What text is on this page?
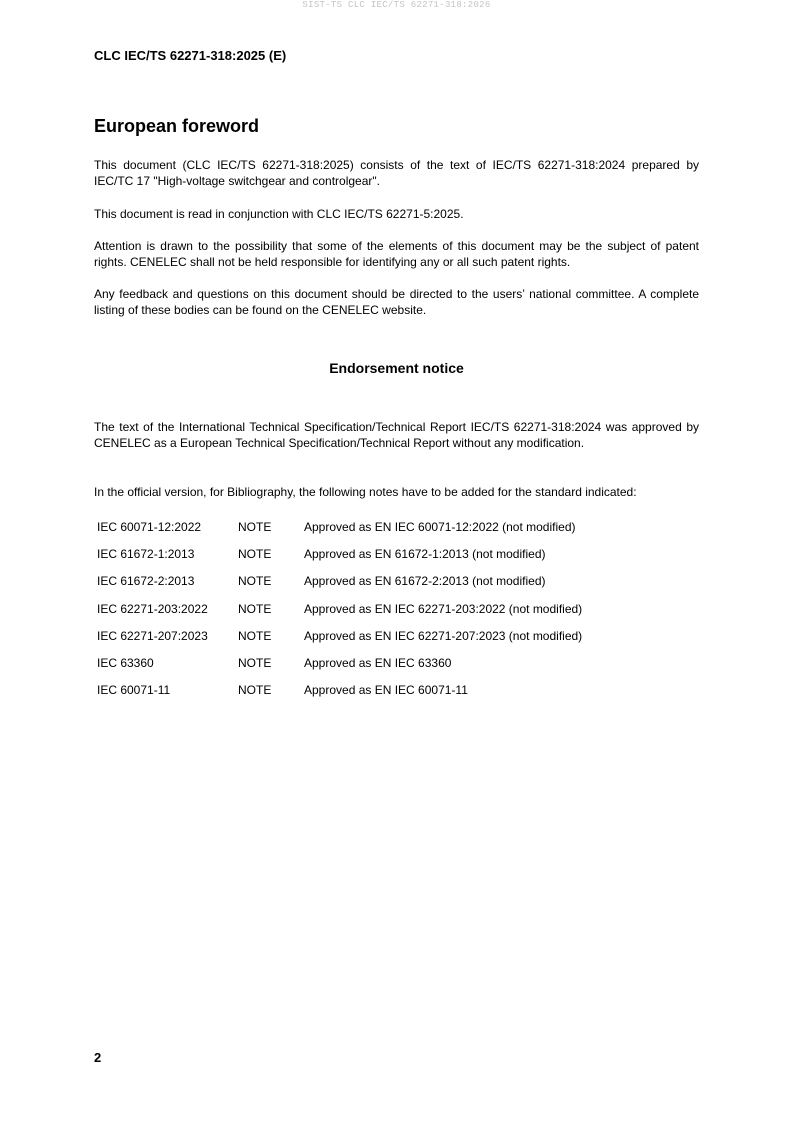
SIST-TS CLC IEC/TS 62271-318:2026
CLC IEC/TS 62271-318:2025 (E)
European foreword
This document (CLC IEC/TS 62271-318:2025) consists of the text of IEC/TS 62271-318:2024 prepared by IEC/TC 17 "High-voltage switchgear and controlgear".
This document is read in conjunction with CLC IEC/TS 62271-5:2025.
Attention is drawn to the possibility that some of the elements of this document may be the subject of patent rights. CENELEC shall not be held responsible for identifying any or all such patent rights.
Any feedback and questions on this document should be directed to the users’ national committee. A complete listing of these bodies can be found on the CENELEC website.
Endorsement notice
The text of the International Technical Specification/Technical Report IEC/TS 62271-318:2024 was approved by CENELEC as a European Technical Specification/Technical Report without any modification.
In the official version, for Bibliography, the following notes have to be added for the standard indicated:
IEC 60071-12:2022	NOTE	Approved as EN IEC 60071-12:2022 (not modified)
IEC 61672-1:2013	NOTE	Approved as EN 61672-1:2013 (not modified)
IEC 61672-2:2013	NOTE	Approved as EN 61672-2:2013 (not modified)
IEC 62271-203:2022	NOTE	Approved as EN IEC 62271-203:2022 (not modified)
IEC 62271-207:2023	NOTE	Approved as EN IEC 62271-207:2023 (not modified)
IEC 63360	NOTE	Approved as EN IEC 63360
IEC 60071-11	NOTE	Approved as EN IEC 60071-11
2
